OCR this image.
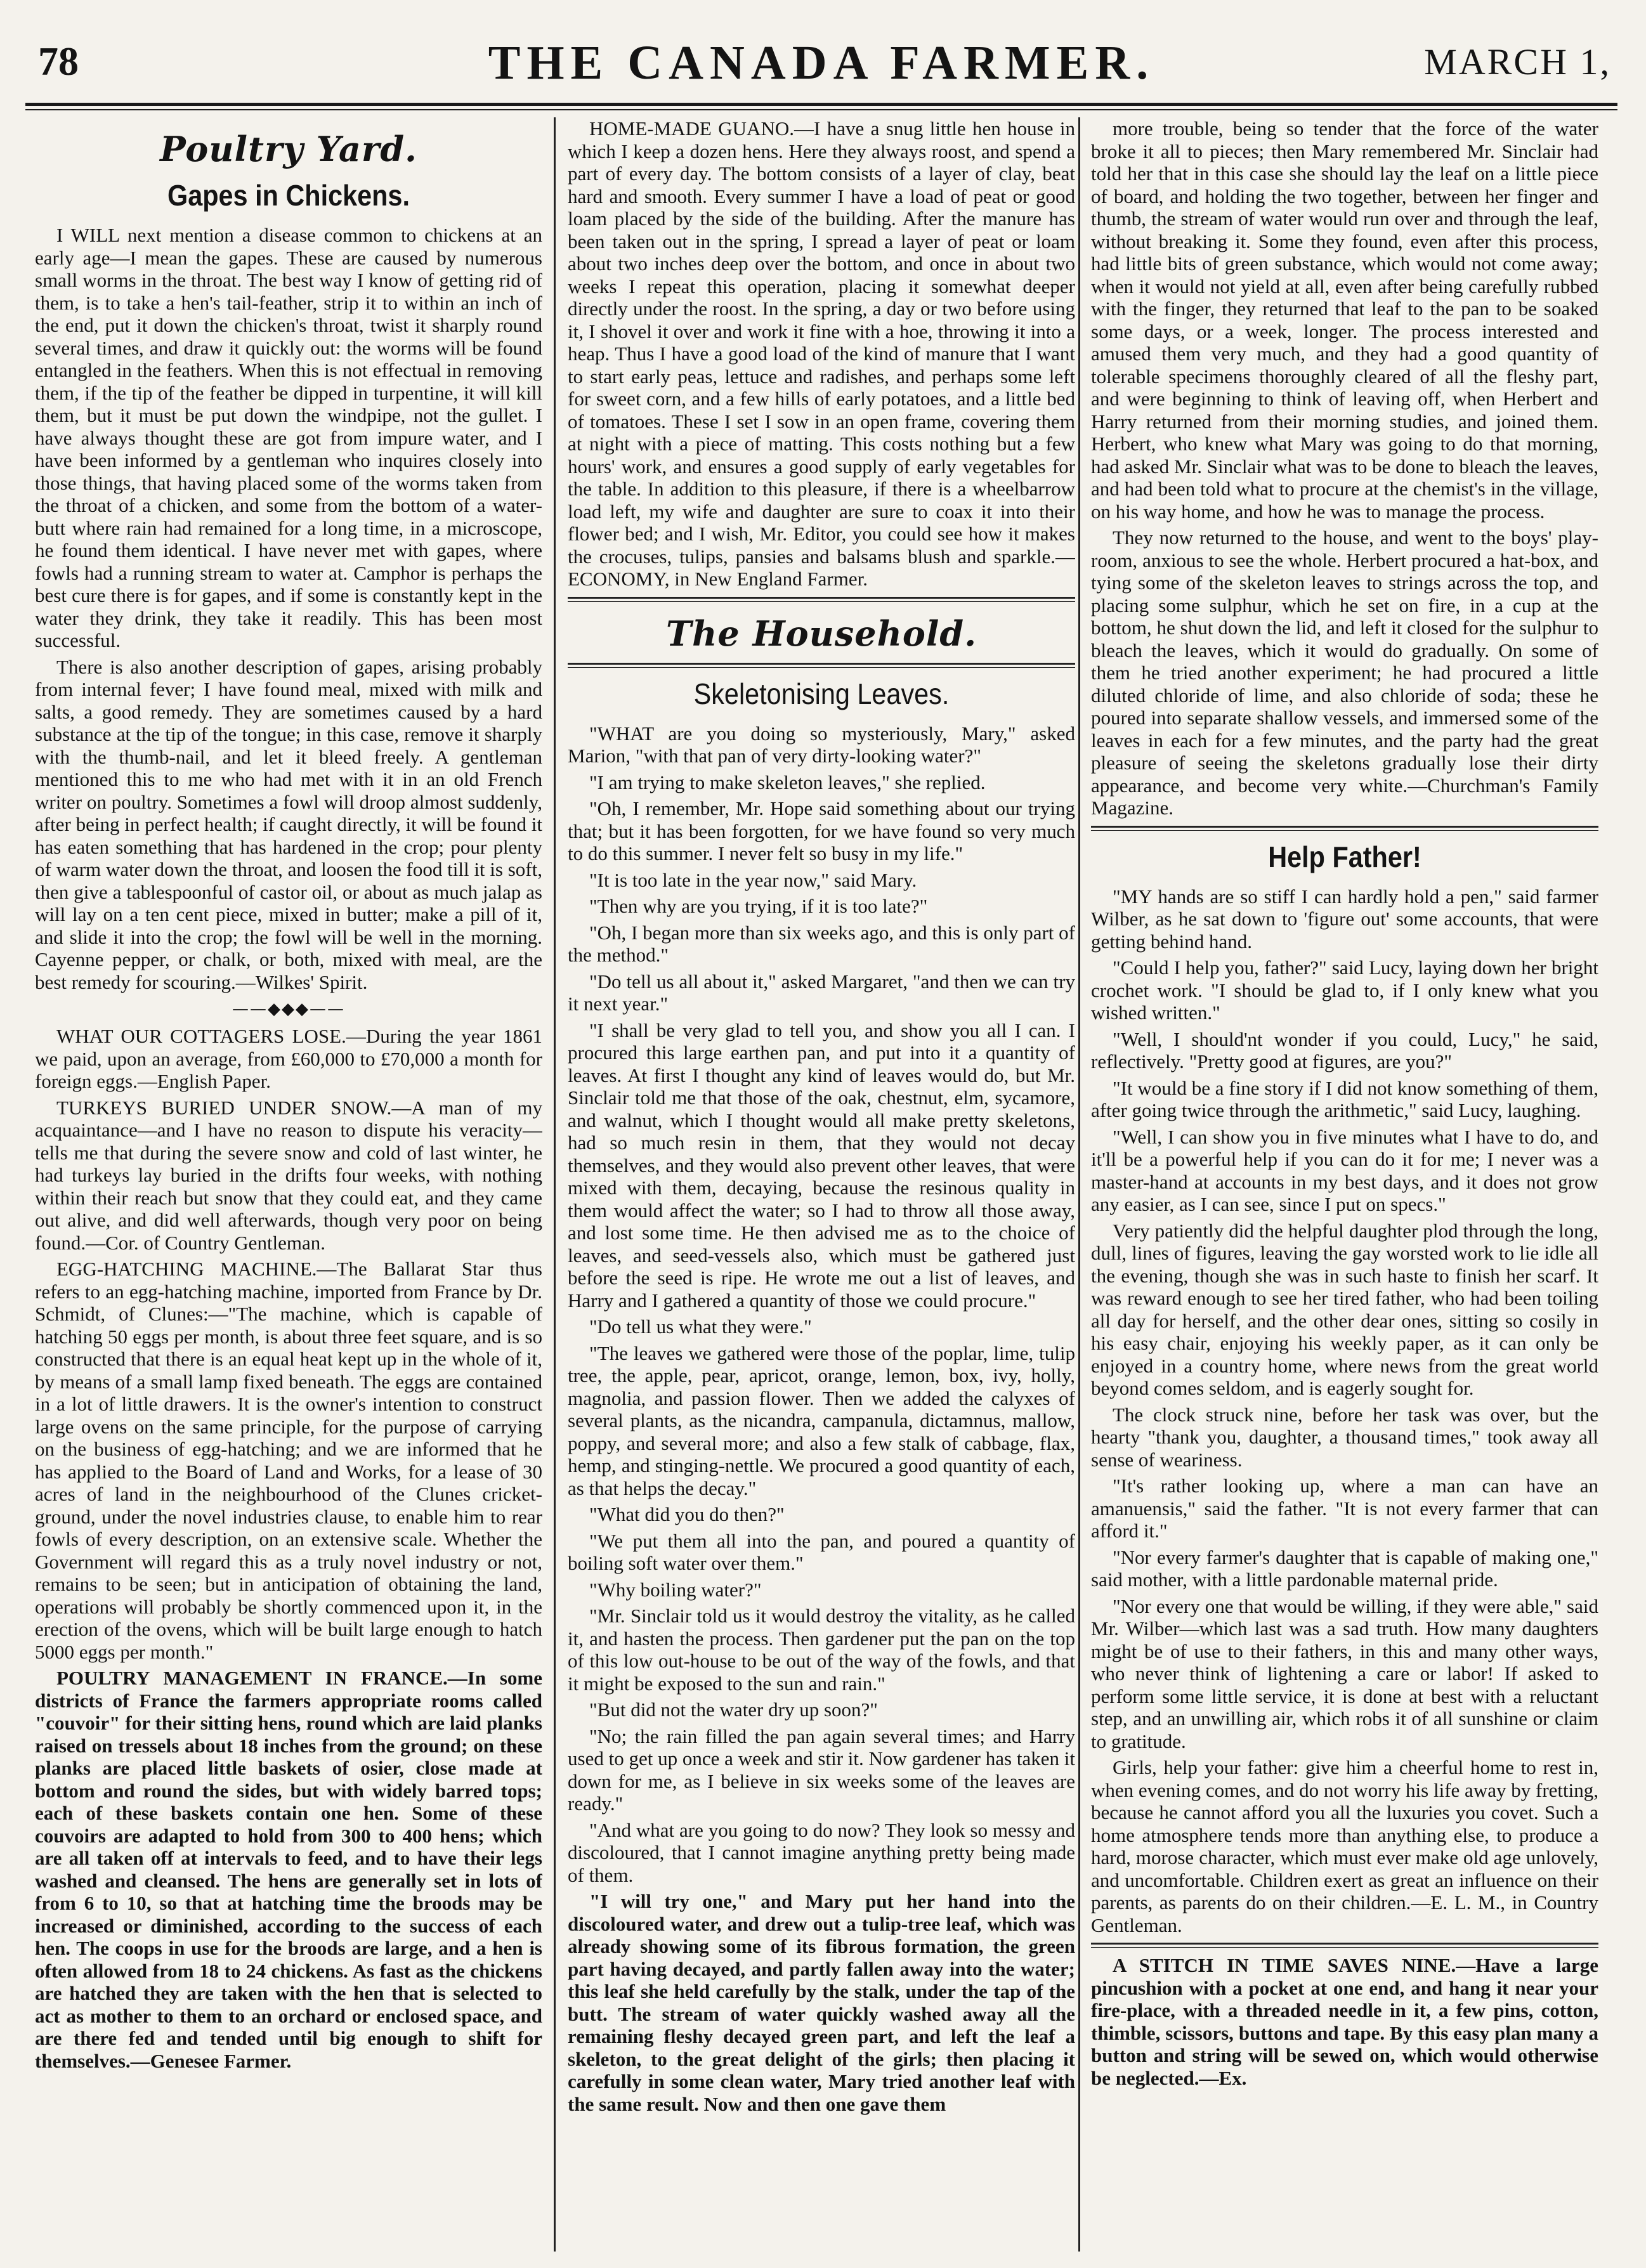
78	THE CANADA FARMER.	MARCH 1,
Poultry Yard.
Gapes in Chickens.

I WILL next mention a disease common to chickens at an early age—I mean the gapes. These are caused by numerous small worms in the throat. The best way I know of getting rid of them, is to take a hen's tail-feather, strip it to within an inch of the end, put it down the chicken's throat, twist it sharply round several times, and draw it quickly out: the worms will be found entangled in the feathers. When this is not effectual in removing them, if the tip of the feather be dipped in turpentine, it will kill them, but it must be put down the windpipe, not the gullet. I have always thought these are got from impure water, and I have been informed by a gentleman who inquires closely into those things, that having placed some of the worms taken from the throat of a chicken, and some from the bottom of a water-butt where rain had remained for a long time, in a microscope, he found them identical. I have never met with gapes, where fowls had a running stream to water at. Camphor is perhaps the best cure there is for gapes, and if some is constantly kept in the water they drink, they take it readily. This has been most successful.

There is also another description of gapes, arising probably from internal fever; I have found meal, mixed with milk and salts, a good remedy. They are sometimes caused by a hard substance at the tip of the tongue; in this case, remove it sharply with the thumb-nail, and let it bleed freely. A gentleman mentioned this to me who had met with it in an old French writer on poultry. Sometimes a fowl will droop almost suddenly, after being in perfect health; if caught directly, it will be found it has eaten something that has hardened in the crop; pour plenty of warm water down the throat, and loosen the food till it is soft, then give a tablespoonful of castor oil, or about as much jalap as will lay on a ten cent piece, mixed in butter; make a pill of it, and slide it into the crop; the fowl will be well in the morning. Cayenne pepper, or chalk, or both, mixed with meal, are the best remedy for scouring.—Wilkes' Spirit.

——◆◆◆——

WHAT OUR COTTAGERS LOSE.—During the year 1861 we paid, upon an average, from £60,000 to £70,000 a month for foreign eggs.—English Paper.

TURKEYS BURIED UNDER SNOW.—A man of my acquaintance—and I have no reason to dispute his veracity—tells me that during the severe snow and cold of last winter, he had turkeys lay buried in the drifts four weeks, with nothing within their reach but snow that they could eat, and they came out alive, and did well afterwards, though very poor on being found.—Cor. of Country Gentleman.

EGG-HATCHING MACHINE.—The Ballarat Star thus refers to an egg-hatching machine, imported from France by Dr. Schmidt, of Clunes:—"The machine, which is capable of hatching 50 eggs per month, is about three feet square, and is so constructed that there is an equal heat kept up in the whole of it, by means of a small lamp fixed beneath. The eggs are contained in a lot of little drawers. It is the owner's intention to construct large ovens on the same principle, for the purpose of carrying on the business of egg-hatching; and we are informed that he has applied to the Board of Land and Works, for a lease of 30 acres of land in the neighbourhood of the Clunes cricket-ground, under the novel industries clause, to enable him to rear fowls of every description, on an extensive scale. Whether the Government will regard this as a truly novel industry or not, remains to be seen; but in anticipation of obtaining the land, operations will probably be shortly commenced upon it, in the erection of the ovens, which will be built large enough to hatch 5000 eggs per month."

POULTRY MANAGEMENT IN FRANCE.—In some districts of France the farmers appropriate rooms called "couvoir" for their sitting hens, round which are laid planks raised on tressels about 18 inches from the ground; on these planks are placed little baskets of osier, close made at bottom and round the sides, but with widely barred tops; each of these baskets contain one hen. Some of these couvoirs are adapted to hold from 300 to 400 hens; which are all taken off at intervals to feed, and to have their legs washed and cleansed. The hens are generally set in lots of from 6 to 10, so that at hatching time the broods may be increased or diminished, according to the success of each hen. The coops in use for the broods are large, and a hen is often allowed from 18 to 24 chickens. As fast as the chickens are hatched they are taken with the hen that is selected to act as mother to them to an orchard or enclosed space, and are there fed and tended until big enough to shift for themselves.—Genesee Farmer.

HOME-MADE GUANO.—I have a snug little hen house in which I keep a dozen hens. Here they always roost, and spend a part of every day. The bottom consists of a layer of clay, beat hard and smooth. Every summer I have a load of peat or good loam placed by the side of the building. After the manure has been taken out in the spring, I spread a layer of peat or loam about two inches deep over the bottom, and once in about two weeks I repeat this operation, placing it somewhat deeper directly under the roost. In the spring, a day or two before using it, I shovel it over and work it fine with a hoe, throwing it into a heap. Thus I have a good load of the kind of manure that I want to start early peas, lettuce and radishes, and perhaps some left for sweet corn, and a few hills of early potatoes, and a little bed of tomatoes. These I set I sow in an open frame, covering them at night with a piece of matting. This costs nothing but a few hours' work, and ensures a good supply of early vegetables for the table. In addition to this pleasure, if there is a wheelbarrow load left, my wife and daughter are sure to coax it into their flower bed; and I wish, Mr. Editor, you could see how it makes the crocuses, tulips, pansies and balsams blush and sparkle.—ECONOMY, in New England Farmer.

The Household.
Skeletonising Leaves.

"WHAT are you doing so mysteriously, Mary," asked Marion, "with that pan of very dirty-looking water?"

"I am trying to make skeleton leaves," she replied.

"Oh, I remember, Mr. Hope said something about our trying that; but it has been forgotten, for we have found so very much to do this summer. I never felt so busy in my life."

"It is too late in the year now," said Mary.

"Then why are you trying, if it is too late?"

"Oh, I began more than six weeks ago, and this is only part of the method."

"Do tell us all about it," asked Margaret, "and then we can try it next year."

"I shall be very glad to tell you, and show you all I can. I procured this large earthen pan, and put into it a quantity of leaves. At first I thought any kind of leaves would do, but Mr. Sinclair told me that those of the oak, chestnut, elm, sycamore, and walnut, which I thought would all make pretty skeletons, had so much resin in them, that they would not decay themselves, and they would also prevent other leaves, that were mixed with them, decaying, because the resinous quality in them would affect the water; so I had to throw all those away, and lost some time. He then advised me as to the choice of leaves, and seed-vessels also, which must be gathered just before the seed is ripe. He wrote me out a list of leaves, and Harry and I gathered a quantity of those we could procure."

"Do tell us what they were."

"The leaves we gathered were those of the poplar, lime, tulip tree, the apple, pear, apricot, orange, lemon, box, ivy, holly, magnolia, and passion flower. Then we added the calyxes of several plants, as the nicandra, campanula, dictamnus, mallow, poppy, and several more; and also a few stalk of cabbage, flax, hemp, and stinging-nettle. We procured a good quantity of each, as that helps the decay."

"What did you do then?"

"We put them all into the pan, and poured a quantity of boiling soft water over them."

"Why boiling water?"

"Mr. Sinclair told us it would destroy the vitality, as he called it, and hasten the process. Then gardener put the pan on the top of this low out-house to be out of the way of the fowls, and that it might be exposed to the sun and rain."

"But did not the water dry up soon?"

"No; the rain filled the pan again several times; and Harry used to get up once a week and stir it. Now gardener has taken it down for me, as I believe in six weeks some of the leaves are ready."

"And what are you going to do now? They look so messy and discoloured, that I cannot imagine anything pretty being made of them.

"I will try one," and Mary put her hand into the discoloured water, and drew out a tulip-tree leaf, which was already showing some of its fibrous formation, the green part having decayed, and partly fallen away into the water; this leaf she held carefully by the stalk, under the tap of the butt. The stream of water quickly washed away all the remaining fleshy decayed green part, and left the leaf a skeleton, to the great delight of the girls; then placing it carefully in some clean water, Mary tried another leaf with the same result. Now and then one gave them

more trouble, being so tender that the force of the water broke it all to pieces; then Mary remembered Mr. Sinclair had told her that in this case she should lay the leaf on a little piece of board, and holding the two together, between her finger and thumb, the stream of water would run over and through the leaf, without breaking it. Some they found, even after this process, had little bits of green substance, which would not come away; when it would not yield at all, even after being carefully rubbed with the finger, they returned that leaf to the pan to be soaked some days, or a week, longer. The process interested and amused them very much, and they had a good quantity of tolerable specimens thoroughly cleared of all the fleshy part, and were beginning to think of leaving off, when Herbert and Harry returned from their morning studies, and joined them. Herbert, who knew what Mary was going to do that morning, had asked Mr. Sinclair what was to be done to bleach the leaves, and had been told what to procure at the chemist's in the village, on his way home, and how he was to manage the process.

They now returned to the house, and went to the boys' play-room, anxious to see the whole. Herbert procured a hat-box, and tying some of the skeleton leaves to strings across the top, and placing some sulphur, which he set on fire, in a cup at the bottom, he shut down the lid, and left it closed for the sulphur to bleach the leaves, which it would do gradually. On some of them he tried another experiment; he had procured a little diluted chloride of lime, and also chloride of soda; these he poured into separate shallow vessels, and immersed some of the leaves in each for a few minutes, and the party had the great pleasure of seeing the skeletons gradually lose their dirty appearance, and become very white.—Churchman's Family Magazine.

Help Father!

"MY hands are so stiff I can hardly hold a pen," said farmer Wilber, as he sat down to 'figure out' some accounts, that were getting behind hand.

"Could I help you, father?" said Lucy, laying down her bright crochet work. "I should be glad to, if I only knew what you wished written."

"Well, I should'nt wonder if you could, Lucy," he said, reflectively. "Pretty good at figures, are you?"

"It would be a fine story if I did not know something of them, after going twice through the arithmetic," said Lucy, laughing.

"Well, I can show you in five minutes what I have to do, and it'll be a powerful help if you can do it for me; I never was a master-hand at accounts in my best days, and it does not grow any easier, as I can see, since I put on specs."

Very patiently did the helpful daughter plod through the long, dull, lines of figures, leaving the gay worsted work to lie idle all the evening, though she was in such haste to finish her scarf. It was reward enough to see her tired father, who had been toiling all day for herself, and the other dear ones, sitting so cosily in his easy chair, enjoying his weekly paper, as it can only be enjoyed in a country home, where news from the great world beyond comes seldom, and is eagerly sought for.

The clock struck nine, before her task was over, but the hearty "thank you, daughter, a thousand times," took away all sense of weariness.

"It's rather looking up, where a man can have an amanuensis," said the father. "It is not every farmer that can afford it."

"Nor every farmer's daughter that is capable of making one," said mother, with a little pardonable maternal pride.

"Nor every one that would be willing, if they were able," said Mr. Wilber—which last was a sad truth. How many daughters might be of use to their fathers, in this and many other ways, who never think of lightening a care or labor! If asked to perform some little service, it is done at best with a reluctant step, and an unwilling air, which robs it of all sunshine or claim to gratitude.

Girls, help your father: give him a cheerful home to rest in, when evening comes, and do not worry his life away by fretting, because he cannot afford you all the luxuries you covet. Such a home atmosphere tends more than anything else, to produce a hard, morose character, which must ever make old age unlovely, and uncomfortable. Children exert as great an influence on their parents, as parents do on their children.—E. L. M., in Country Gentleman.

A STITCH IN TIME SAVES NINE.—Have a large pincushion with a pocket at one end, and hang it near your fire-place, with a threaded needle in it, a few pins, cotton, thimble, scissors, buttons and tape. By this easy plan many a button and string will be sewed on, which would otherwise be neglected.—Ex.
